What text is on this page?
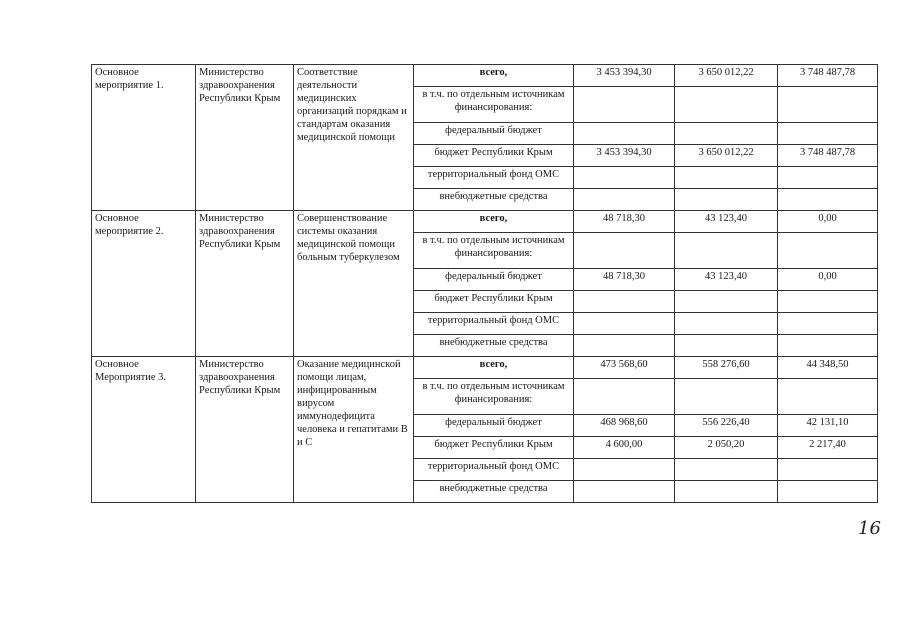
Основное мероприятие 1.	Министерство здравоохранения Республики Крым	Соответствие деятельности медицинских организаций порядкам и стандартам оказания медицинской помощи	всего,	3 453 394,30	3 650 012,22	3 748 487,78
			в т.ч. по отдельным источникам финансирования:			
			федеральный бюджет			
			бюджет Республики Крым	3 453 394,30	3 650 012,22	3 748 487,78
			территориальный фонд ОМС			
			внебюджетные средства			
Основное мероприятие 2.	Министерство здравоохранения Республики Крым	Совершенствование системы оказания медицинской помощи больным туберкулезом	всего,	48 718,30	43 123,40	0,00
			в т.ч. по отдельным источникам финансирования:			
			федеральный бюджет	48 718,30	43 123,40	0,00
			бюджет Республики Крым			
			территориальный фонд ОМС			
			внебюджетные средства			
Основное Мероприятие 3.	Министерство здравоохранения Республики Крым	Оказание медицинской помощи лицам, инфицированным вирусом иммунодефицита человека и гепатитами В и С	всего,	473 568,60	558 276,60	44 348,50
			в т.ч. по отдельным источникам финансирования:			
			федеральный бюджет	468 968,60	556 226,40	42 131,10
			бюджет Республики Крым	4 600,00	2 050,20	2 217,40
			территориальный фонд ОМС			
			внебюджетные средства			
16
